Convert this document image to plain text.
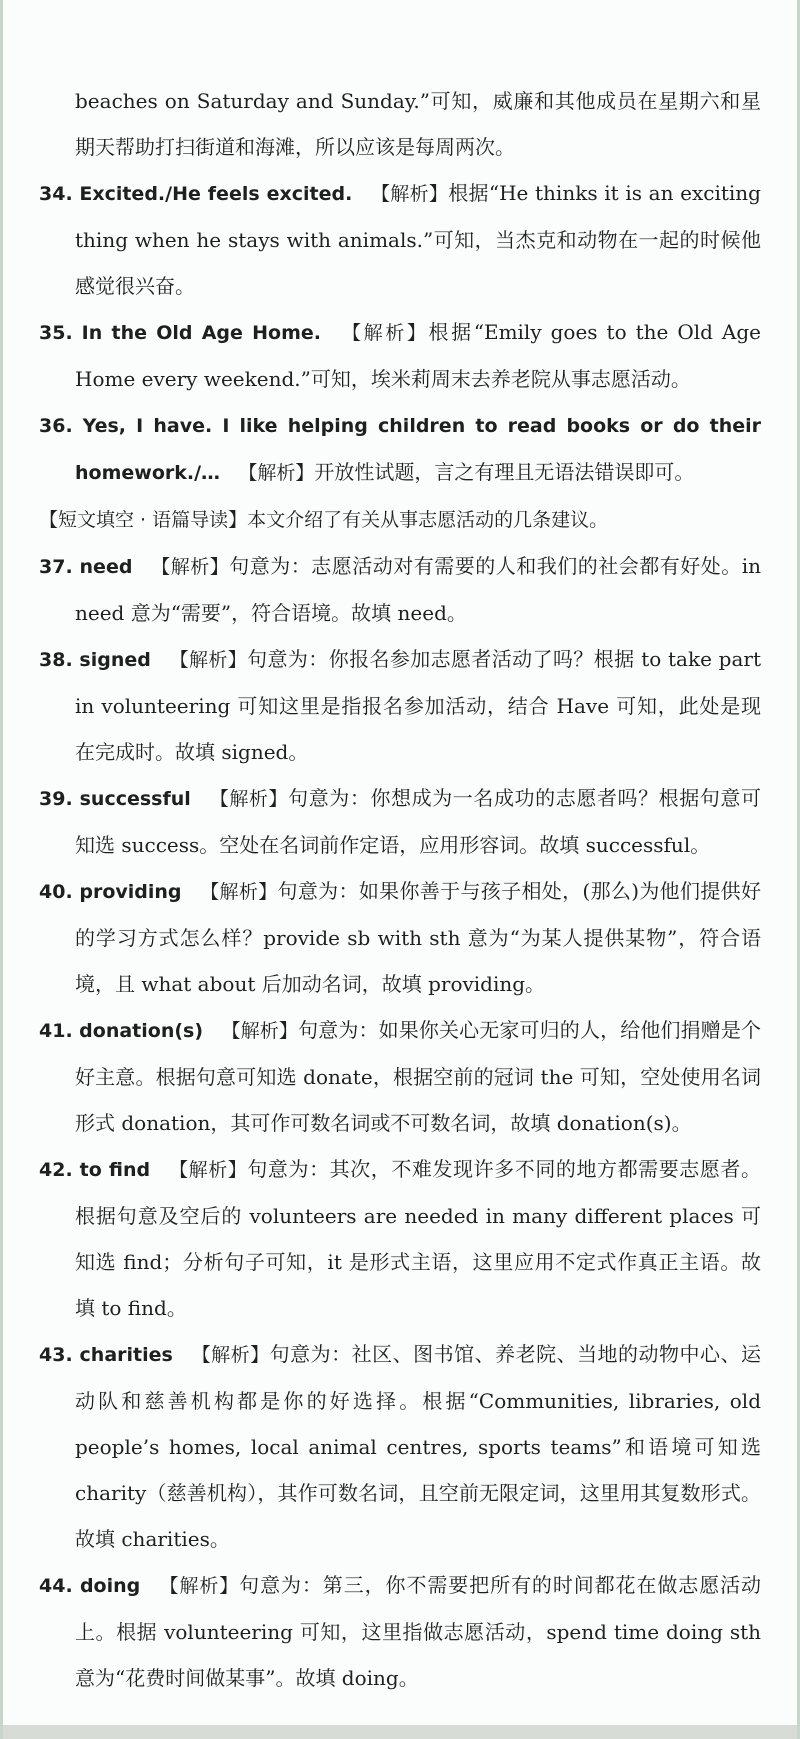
beaches on Saturday and Sunday.”可知，威廉和其他成员在星期六和星期天帮助打扫街道和海滩，所以应该是每周两次。

34. Excited./He feels excited. 【解析】根据“He thinks it is an exciting thing when he stays with animals.”可知，当杰克和动物在一起的时候他感觉很兴奋。

35. In the Old Age Home. 【解析】根据“Emily goes to the Old Age Home every weekend.”可知，埃米莉周末去养老院从事志愿活动。

36. Yes, I have. I like helping children to read books or do their homework./… 【解析】开放性试题，言之有理且无语法错误即可。

【短文填空 · 语篇导读】本文介绍了有关从事志愿活动的几条建议。

37. need 【解析】句意为：志愿活动对有需要的人和我们的社会都有好处。in need 意为“需要”，符合语境。故填 need。

38. signed 【解析】句意为：你报名参加志愿者活动了吗？根据 to take part in volunteering 可知这里是指报名参加活动，结合 Have 可知，此处是现在完成时。故填 signed。

39. successful 【解析】句意为：你想成为一名成功的志愿者吗？根据句意可知选 success。空处在名词前作定语，应用形容词。故填 successful。

40. providing 【解析】句意为：如果你善于与孩子相处，(那么)为他们提供好的学习方式怎么样？provide sb with sth 意为“为某人提供某物”，符合语境，且 what about 后加动名词，故填 providing。

41. donation(s) 【解析】句意为：如果你关心无家可归的人，给他们捐赠是个好主意。根据句意可知选 donate，根据空前的冠词 the 可知，空处使用名词形式 donation，其可作可数名词或不可数名词，故填 donation(s)。

42. to find 【解析】句意为：其次，不难发现许多不同的地方都需要志愿者。根据句意及空后的 volunteers are needed in many different places 可知选 find；分析句子可知，it 是形式主语，这里应用不定式作真正主语。故填 to find。

43. charities 【解析】句意为：社区、图书馆、养老院、当地的动物中心、运动队和慈善机构都是你的好选择。根据“Communities, libraries, old people’s homes, local animal centres, sports teams”和语境可知选 charity（慈善机构），其作可数名词，且空前无限定词，这里用其复数形式。故填 charities。

44. doing 【解析】句意为：第三，你不需要把所有的时间都花在做志愿活动上。根据 volunteering 可知，这里指做志愿活动，spend time doing sth 意为“花费时间做某事”。故填 doing。
